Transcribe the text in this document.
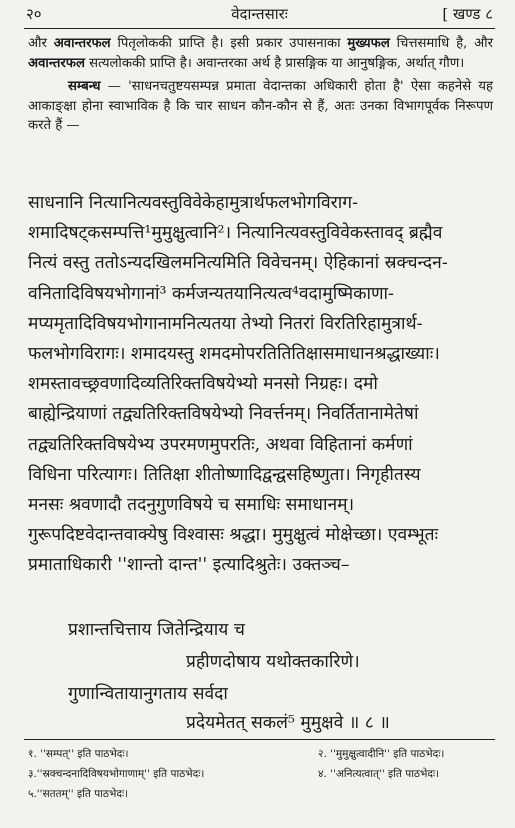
२०	वेदान्तसारः	[ खण्ड ८

और अवान्तरफल पितृलोककी प्राप्ति है। इसी प्रकार उपासनाका मुख्यफल चित्तसमाधि है, और अवान्तरफल सत्यलोककी प्राप्ति है। अवान्तरका अर्थ है प्रासङ्गिक या आनुषङ्गिक, अर्थात् गौण।

सम्बन्ध — 'साधनचतुष्टयसम्पन्न प्रमाता वेदान्तका अधिकारी होता है' ऐसा कहनेसे यह आकाङ्क्षा होना स्वाभाविक है कि चार साधन कौन-कौन से हैं, अतः उनका विभागपूर्वक निरूपण करते हैं —

साधनानि नित्यानित्यवस्तुविवेकेहामुत्रार्थफलभोगविराग-
शमादिषट्कसम्पत्ति¹मुमुक्षुत्वानि²। नित्यानित्यवस्तुविवेकस्तावद् ब्रह्मैव
नित्यं वस्तु ततोऽन्यदखिलमनित्यमिति विवेचनम्। ऐहिकानां स्रक्चन्दन-
वनितादिविषयभोगानां³ कर्मजन्यतयानित्यत्व⁴वदामुष्मिकाणा-
मप्यमृतादिविषयभोगानामनित्यतया तेभ्यो नितरां विरतिरिहामुत्रार्थ-
फलभोगविरागः। शमादयस्तु शमदमोपरतितितिक्षासमाधानश्रद्धाख्याः।
शमस्तावच्छ्रवणादिव्यतिरिक्तविषयेभ्यो मनसो निग्रहः। दमो
बाह्येन्द्रियाणां तद्व्यतिरिक्तविषयेभ्यो निवर्त्तनम्। निवर्तितानामेतेषां
तद्व्यतिरिक्तविषयेभ्य उपरमणमुपरतिः, अथवा विहितानां कर्मणां
विधिना परित्यागः। तितिक्षा शीतोष्णादिद्वन्द्वसहिष्णुता। निगृहीतस्य
मनसः श्रवणादौ तदनुगुणविषये च समाधिः समाधानम्।
गुरूपदिष्टवेदान्तवाक्येषु विश्वासः श्रद्धा। मुमुक्षुत्वं मोक्षेच्छा। एवम्भूतः
प्रमाताधिकारी ''शान्तो दान्त'' इत्यादिश्रुतेः। उक्तञ्च–
प्रशान्तचित्ताय जितेन्द्रियाय च
प्रहीणदोषाय यथोक्तकारिणे।
गुणान्वितायानुगताय सर्वदा
प्रदेयमेतत् सकलं⁵ मुमुक्षवे ॥ ८ ॥
१. ''सम्पत्'' इति पाठभेदः।	२. ''मुमुक्षुत्वादीनि'' इति पाठभेदः।
३.''स्रक्चन्दनादिविषयभोगाणाम्'' इति पाठभेदः।	४. ''अनित्यत्वात्'' इति पाठभेदः।
५.''सततम्'' इति पाठभेदः।
